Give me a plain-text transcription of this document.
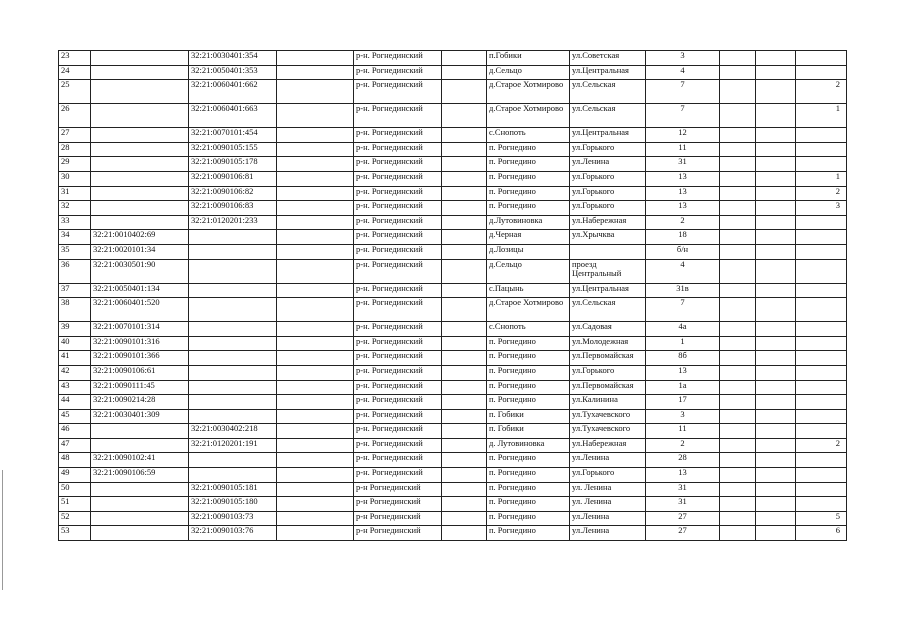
23		32:21:0030401:354		р-н. Рогнединский		п.Гобики	ул.Советская	3			
24		32:21:0050401:353		р-н. Рогнединский		д.Сельцо	ул.Центральная	4			
25		32:21:0060401:662		р-н. Рогнединский		д.Старое Хотмирово	ул.Сельская	7			2
26		32:21:0060401:663		р-н. Рогнединский		д.Старое Хотмирово	ул.Сельская	7			1
27		32:21:0070101:454		р-н. Рогнединский		с.Снопоть	ул.Центральная	12			
28		32:21:0090105:155		р-н. Рогнединский		п. Рогнедино	ул.Горького	11			
29		32:21:0090105:178		р-н. Рогнединский		п. Рогнедино	ул.Ленина	31			
30		32:21:0090106:81		р-н. Рогнединский		п. Рогнедино	ул.Горького	13			1
31		32:21:0090106:82		р-н. Рогнединский		п. Рогнедино	ул.Горького	13			2
32		32:21:0090106:83		р-н. Рогнединский		п. Рогнедино	ул.Горького	13			3
33		32:21:0120201:233		р-н. Рогнединский		д.Лутовиновка	ул.Набережная	2			
34	32:21:0010402:69			р-н. Рогнединский		д.Черная	ул.Хрычква	18			
35	32:21:0020101:34			р-н. Рогнединский		д.Лозицы		б/н			
36	32:21:0030501:90			р-н. Рогнединский		д.Сельцо	проезд Центральный	4			
37	32:21:0050401:134			р-н. Рогнединский		с.Пацынь	ул.Центральная	31в			
38	32:21:0060401:520			р-н. Рогнединский		д.Старое Хотмирово	ул.Сельская	7			
39	32:21:0070101:314			р-н. Рогнединский		с.Снопоть	ул.Садовая	4а			
40	32:21:0090101:316			р-н. Рогнединский		п. Рогнедино	ул.Молодежная	1			
41	32:21:0090101:366			р-н. Рогнединский		п. Рогнедино	ул.Первомайская	8б			
42	32:21:0090106:61			р-н. Рогнединский		п. Рогнедино	ул.Горького	13			
43	32:21:0090111:45			р-н. Рогнединский		п. Рогнедино	ул.Первомайская	1а			
44	32:21:0090214:28			р-н. Рогнединский		п. Рогнедино	ул.Калинина	17			
45	32:21:0030401:309			р-н. Рогнединский		п. Гобики	ул.Тухачевского	3			
46		32:21:0030402:218		р-н. Рогнединский		п. Гобики	ул.Тухачевского	11			
47		32:21:0120201:191		р-н. Рогнединский		д. Лутовиновка	ул.Набережная	2			2
48	32:21:0090102:41			р-н. Рогнединский		п. Рогнедино	ул.Ленина	28			
49	32:21:0090106:59			р-н. Рогнединский		п. Рогнедино	ул.Горького	13			
50		32:21:0090105:181		р-н Рогнединский		п. Рогнедино	ул. Ленина	31			
51		32:21:0090105:180		р-н Рогнединский		п. Рогнедино	ул. Ленина	31			
52		32:21:0090103:73		р-н Рогнединский		п. Рогнедино	ул.Ленина	27			5
53		32:21:0090103:76		р-н Рогнединский		п. Рогнедино	ул.Ленина	27			6
